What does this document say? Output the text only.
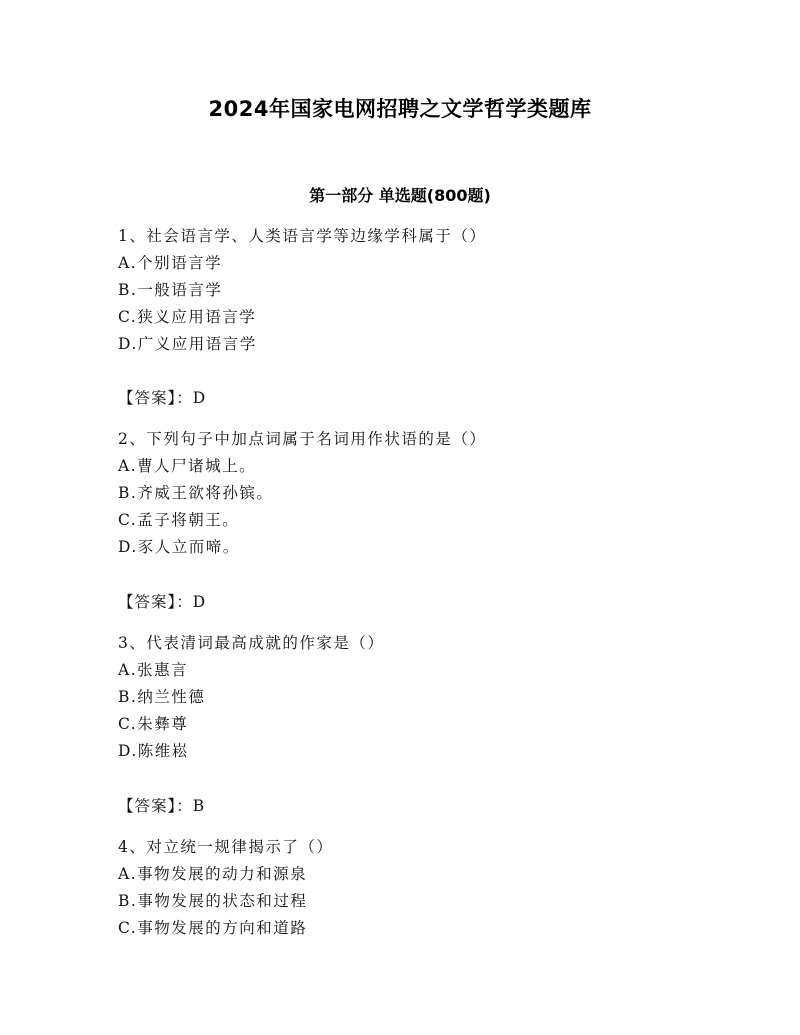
2024年国家电网招聘之文学哲学类题库
第一部分 单选题(800题)
1、社会语言学、人类语言学等边缘学科属于（）
A.个别语言学
B.一般语言学
C.狭义应用语言学
D.广义应用语言学
【答案】：D
2、下列句子中加点词属于名词用作状语的是（）
A.曹人尸诸城上。
B.齐威王欲将孙镔。
C.孟子将朝王。
D.豕人立而啼。
【答案】：D
3、代表清词最高成就的作家是（）
A.张惠言
B.纳兰性德
C.朱彝尊
D.陈维崧
【答案】：B
4、对立统一规律揭示了（）
A.事物发展的动力和源泉
B.事物发展的状态和过程
C.事物发展的方向和道路
